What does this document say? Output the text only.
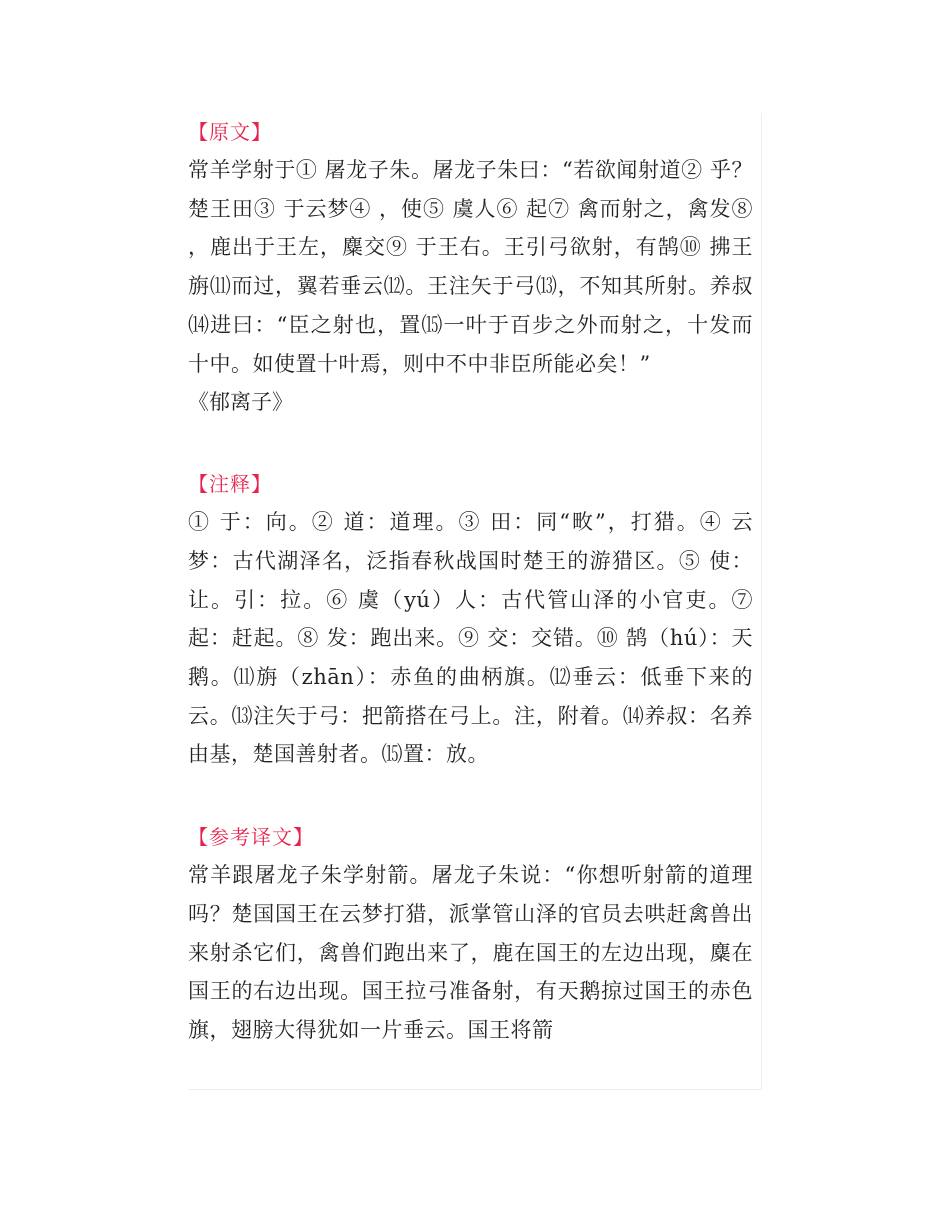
【原文】

常羊学射于① 屠龙子朱。屠龙子朱曰：“若欲闻射道② 乎？楚王田③ 于云梦④ ，使⑤ 虞人⑥ 起⑦ 禽而射之，禽发⑧ ，鹿出于王左，麋交⑨ 于王右。王引弓欲射，有鹄⑩ 拂王旃⑾而过，翼若垂云⑿。王注矢于弓⒀，不知其所射。养叔⒁进曰：“臣之射也，置⒂一叶于百步之外而射之，十发而十中。如使置十叶焉，则中不中非臣所能必矣！”

《郁离子》

【注释】

① 于：向。② 道：道理。③ 田：同“畋”，打猎。④ 云梦：古代湖泽名，泛指春秋战国时楚王的游猎区。⑤ 使：让。引：拉。⑥ 虞（yú）人：古代管山泽的小官吏。⑦ 起：赶起。⑧ 发：跑出来。⑨ 交：交错。⑩ 鹄（hú）：天鹅。⑾旃（zhān）：赤鱼的曲柄旗。⑿垂云：低垂下来的云。⒀注矢于弓：把箭搭在弓上。注，附着。⒁养叔：名养由基，楚国善射者。⒂置：放。

【参考译文】

常羊跟屠龙子朱学射箭。屠龙子朱说：“你想听射箭的道理吗？楚国国王在云梦打猎，派掌管山泽的官员去哄赶禽兽出来射杀它们，禽兽们跑出来了，鹿在国王的左边出现，麋在国王的右边出现。国王拉弓准备射，有天鹅掠过国王的赤色旗，翅膀大得犹如一片垂云。国王将箭
